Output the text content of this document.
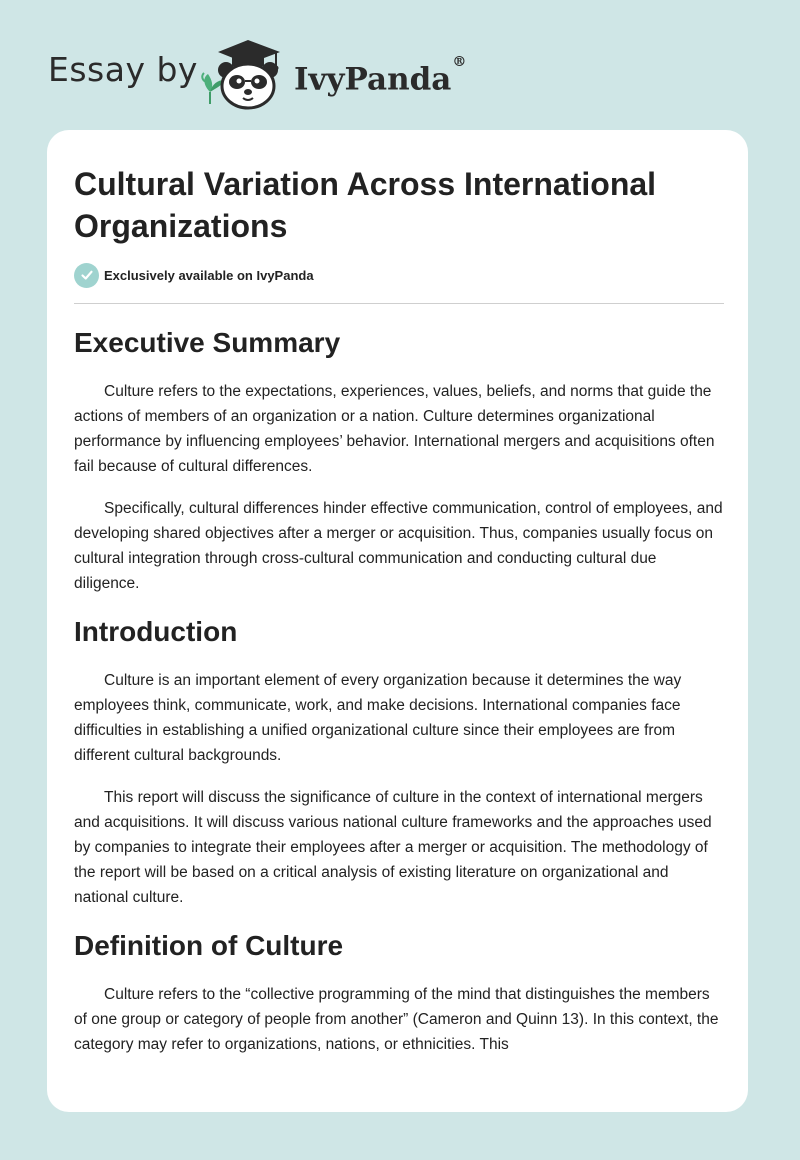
Essay by	IvyPanda®
Cultural Variation Across International Organizations
Exclusively available on IvyPanda
Executive Summary

Culture refers to the expectations, experiences, values, beliefs, and norms that guide the actions of members of an organization or a nation. Culture determines organizational performance by influencing employees’ behavior. International mergers and acquisitions often fail because of cultural differences.

Specifically, cultural differences hinder effective communication, control of employees, and developing shared objectives after a merger or acquisition. Thus, companies usually focus on cultural integration through cross-cultural communication and conducting cultural due diligence.

Introduction

Culture is an important element of every organization because it determines the way employees think, communicate, work, and make decisions. International companies face difficulties in establishing a unified organizational culture since their employees are from different cultural backgrounds.

This report will discuss the significance of culture in the context of international mergers and acquisitions. It will discuss various national culture frameworks and the approaches used by companies to integrate their employees after a merger or acquisition. The methodology of the report will be based on a critical analysis of existing literature on organizational and national culture.

Definition of Culture

Culture refers to the “collective programming of the mind that distinguishes the members of one group or category of people from another” (Cameron and Quinn 13). In this context, the category may refer to organizations, nations, or ethnicities. This
